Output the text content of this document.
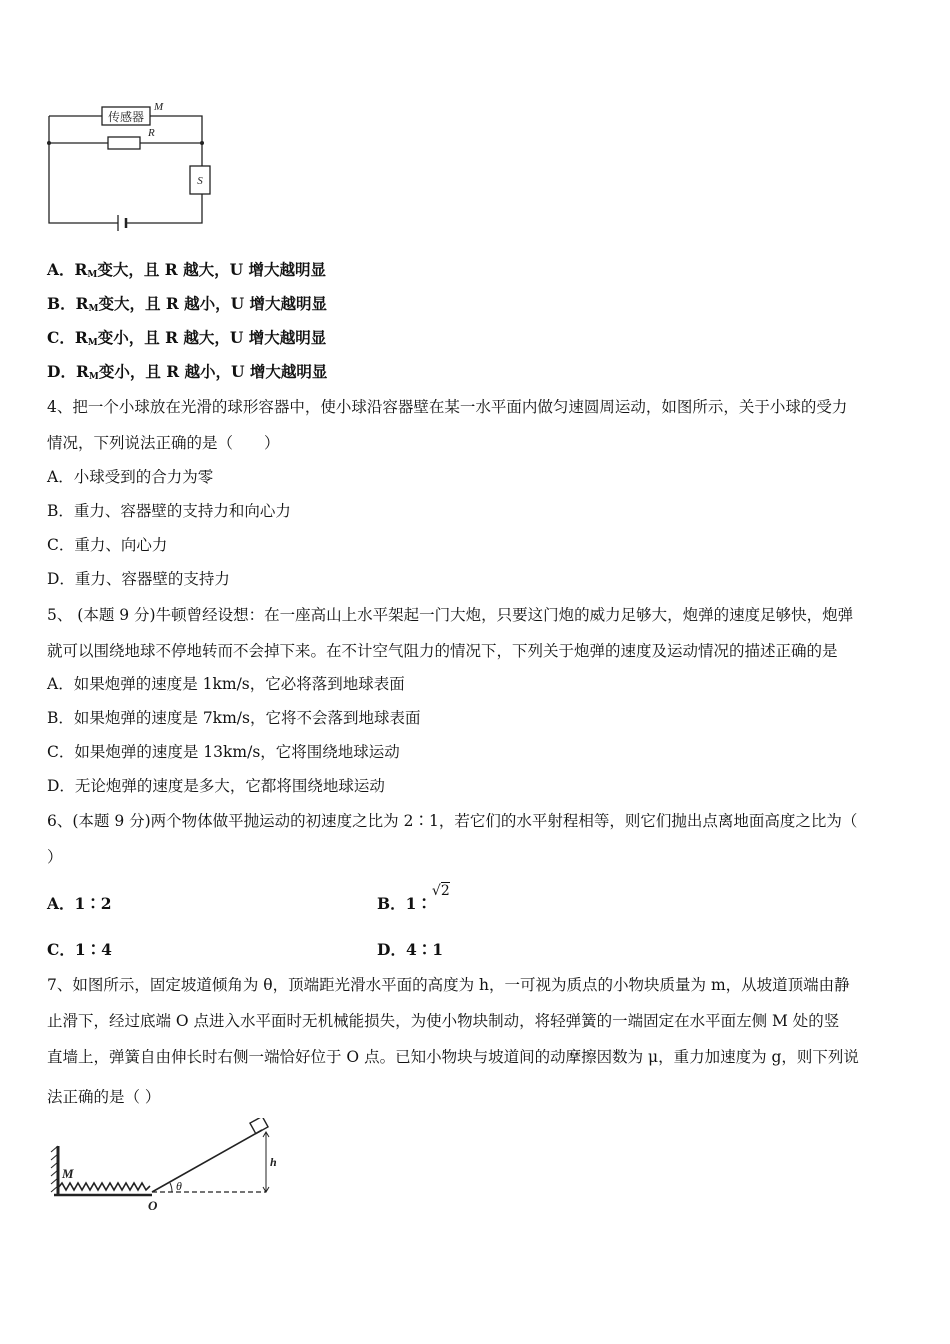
传感器
M
R
S
A．$R_M$变大，且 R 越大，U 增大越明显
B．$R_M$变大，且 R 越小，U 增大越明显
C．$R_M$变小，且 R 越大，U 增大越明显
D．$R_M$变小，且 R 越小，U 增大越明显
4、把一个小球放在光滑的球形容器中，使小球沿容器壁在某一水平面内做匀速圆周运动，如图所示，关于小球的受力
情况，下列说法正确的是（　　）
A．小球受到的合力为零
B．重力、容器壁的支持力和向心力
C．重力、向心力
D．重力、容器壁的支持力
5、 (本题 9 分)牛顿曾经设想：在一座高山上水平架起一门大炮，只要这门炮的威力足够大，炮弹的速度足够快，炮弹
就可以围绕地球不停地转而不会掉下来。在不计空气阻力的情况下，下列关于炮弹的速度及运动情况的描述正确的是
A．如果炮弹的速度是 1km/s，它必将落到地球表面
B．如果炮弹的速度是 7km/s，它将不会落到地球表面
C．如果炮弹的速度是 13km/s，它将围绕地球运动
D．无论炮弹的速度是多大，它都将围绕地球运动
6、(本题 9 分)两个物体做平抛运动的初速度之比为 2∶1，若它们的水平射程相等，则它们抛出点离地面高度之比为（
）
A．1∶2	B．1∶√2
C．1∶4	D．4∶1
7、如图所示，固定坡道倾角为 θ，顶端距光滑水平面的高度为 h，一可视为质点的小物块质量为 m，从坡道顶端由静
止滑下，经过底端 O 点进入水平面时无机械能损失，为使小物块制动，将轻弹簧的一端固定在水平面左侧 M 处的竖
直墙上，弹簧自由伸长时右侧一端恰好位于 O 点。已知小物块与坡道间的动摩擦因数为 μ，重力加速度为 g，则下列说
法正确的是（ ）
M
O
θ
h
